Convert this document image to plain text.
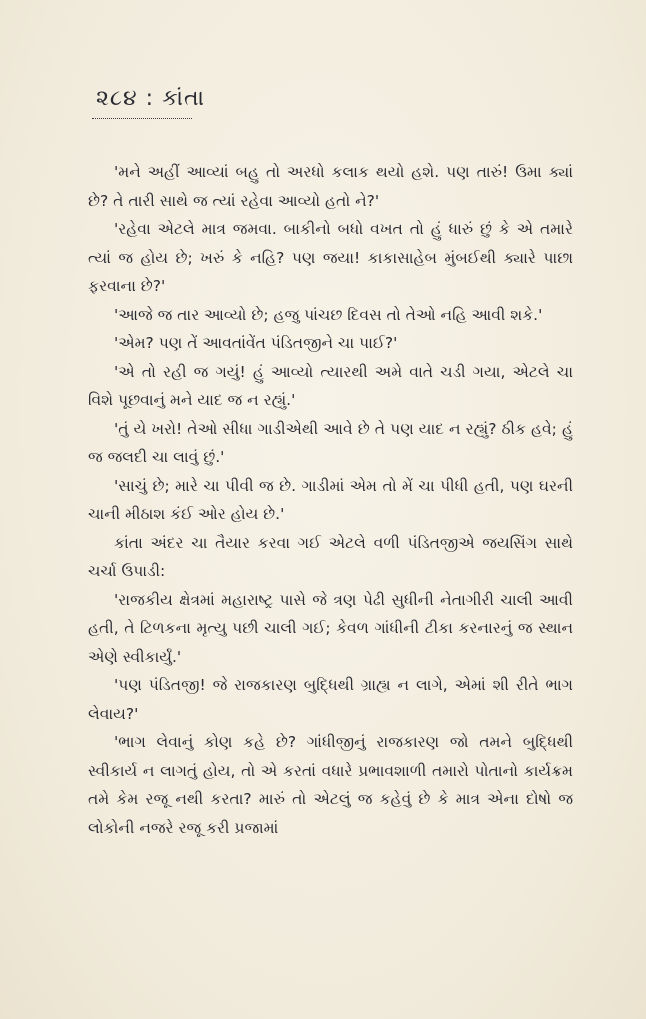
૨૮૪ : કાંતા

'મને અહીં આવ્યાં બહુ તો અરધો કલાક થયો હશે. પણ તારું! ઉમા ક્યાં છે? તે તારી સાથે જ ત્યાં રહેવા આવ્યો હતો ને?'

'રહેવા એટલે માત્ર જમવા. બાકીનો બધો વખત તો હું ધારું છું કે એ તમારે ત્યાં જ હોય છે; ખરું કે નહિ? પણ જયા! કાકાસાહેબ મુંબઈથી ક્યારે પાછા ફરવાના છે?'

'આજે જ તાર આવ્યો છે; હજુ પાંચછ દિવસ તો તેઓ નહિ આવી શકે.'

'એમ? પણ તેં આવતાંવેંત પંડિતજીને ચા પાઈ?'

'એ તો રહી જ ગયું! હું આવ્યો ત્યારથી અમે વાતે ચડી ગયા, એટલે ચા વિશે પૂછવાનું મને યાદ જ ન રહ્યું.'

'તું યે ખરો! તેઓ સીધા ગાડીએથી આવે છે તે પણ યાદ ન રહ્યું? ઠીક હવે; હું જ જલદી ચા લાવું છું.'

'સાચું છે; મારે ચા પીવી જ છે. ગાડીમાં એમ તો મેં ચા પીધી હતી, પણ ઘરની ચાની મીઠાશ કંઈ ઓર હોય છે.'

કાંતા અંદર ચા તૈયાર કરવા ગઈ એટલે વળી પંડિતજીએ જયસિંગ સાથે ચર્ચા ઉપાડી:

'રાજકીય ક્ષેત્રમાં મહારાષ્ટ્ર પાસે જે ત્રણ પેઢી સુધીની નેતાગીરી ચાલી આવી હતી, તે ટિળકના મૃત્યુ પછી ચાલી ગઈ; કેવળ ગાંધીની ટીકા કરનારનું જ સ્થાન એણે સ્વીકાર્યું.'

'પણ પંડિતજી! જે રાજકારણ બુદ્ધિથી ગ્રાહ્ય ન લાગે, એમાં શી રીતે ભાગ લેવાય?'

'ભાગ લેવાનું કોણ કહે છે? ગાંધીજીનું રાજકારણ જો તમને બુદ્ધિથી સ્વીકાર્ય ન લાગતું હોય, તો એ કરતાં વધારે પ્રભાવશાળી તમારો પોતાનો કાર્યક્રમ તમે કેમ રજૂ નથી કરતા? મારું તો એટલું જ કહેવું છે કે માત્ર એના દોષો જ લોકોની નજરે રજૂ કરી પ્રજામાં
